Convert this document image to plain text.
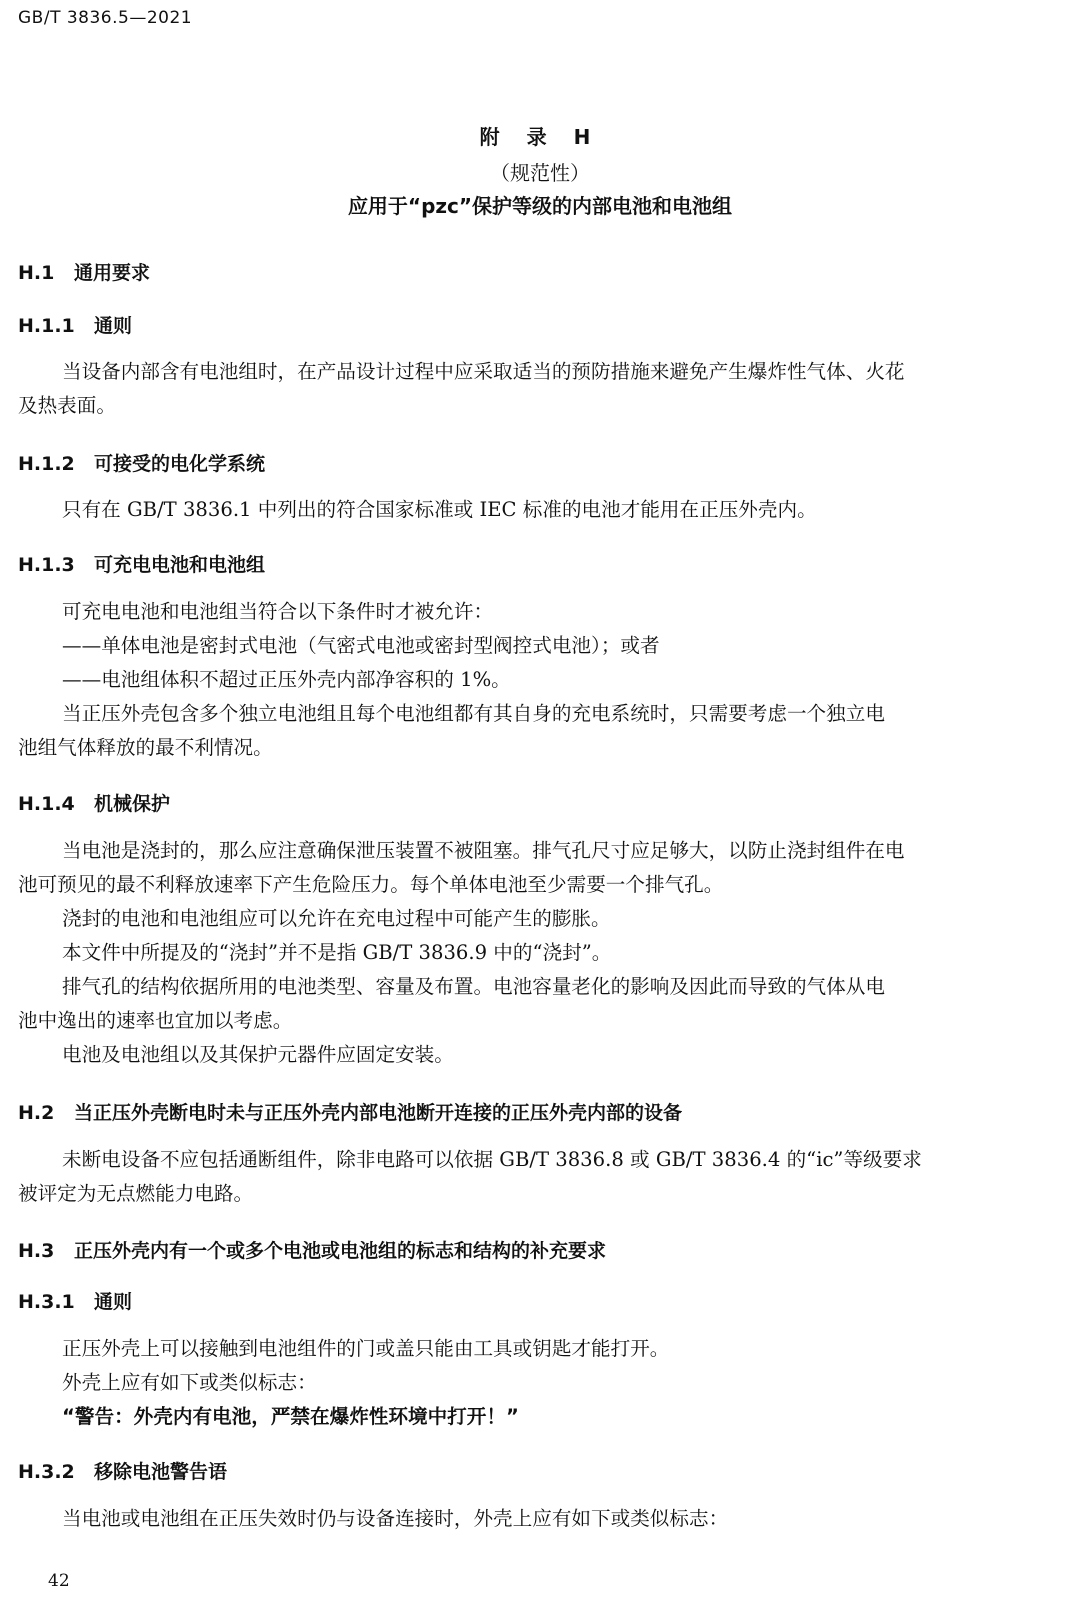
GB/T 3836.5—2021
附 录 H
（规范性）
应用于“pzc”保护等级的内部电池和电池组
H.1 通用要求
H.1.1 通则
当设备内部含有电池组时，在产品设计过程中应采取适当的预防措施来避免产生爆炸性气体、火花
及热表面。
H.1.2 可接受的电化学系统
只有在 GB/T 3836.1 中列出的符合国家标准或 IEC 标准的电池才能用在正压外壳内。
H.1.3 可充电电池和电池组
可充电电池和电池组当符合以下条件时才被允许：
——单体电池是密封式电池（气密式电池或密封型阀控式电池）；或者
——电池组体积不超过正压外壳内部净容积的 1%。
当正压外壳包含多个独立电池组且每个电池组都有其自身的充电系统时，只需要考虑一个独立电
池组气体释放的最不利情况。
H.1.4 机械保护
当电池是浇封的，那么应注意确保泄压装置不被阻塞。排气孔尺寸应足够大，以防止浇封组件在电
池可预见的最不利释放速率下产生危险压力。每个单体电池至少需要一个排气孔。
浇封的电池和电池组应可以允许在充电过程中可能产生的膨胀。
本文件中所提及的“浇封”并不是指 GB/T 3836.9 中的“浇封”。
排气孔的结构依据所用的电池类型、容量及布置。电池容量老化的影响及因此而导致的气体从电
池中逸出的速率也宜加以考虑。
电池及电池组以及其保护元器件应固定安装。
H.2 当正压外壳断电时未与正压外壳内部电池断开连接的正压外壳内部的设备
未断电设备不应包括通断组件，除非电路可以依据 GB/T 3836.8 或 GB/T 3836.4 的“ic”等级要求
被评定为无点燃能力电路。
H.3 正压外壳内有一个或多个电池或电池组的标志和结构的补充要求
H.3.1 通则
正压外壳上可以接触到电池组件的门或盖只能由工具或钥匙才能打开。
外壳上应有如下或类似标志：
“警告：外壳内有电池，严禁在爆炸性环境中打开！”
H.3.2 移除电池警告语
当电池或电池组在正压失效时仍与设备连接时，外壳上应有如下或类似标志：
42
